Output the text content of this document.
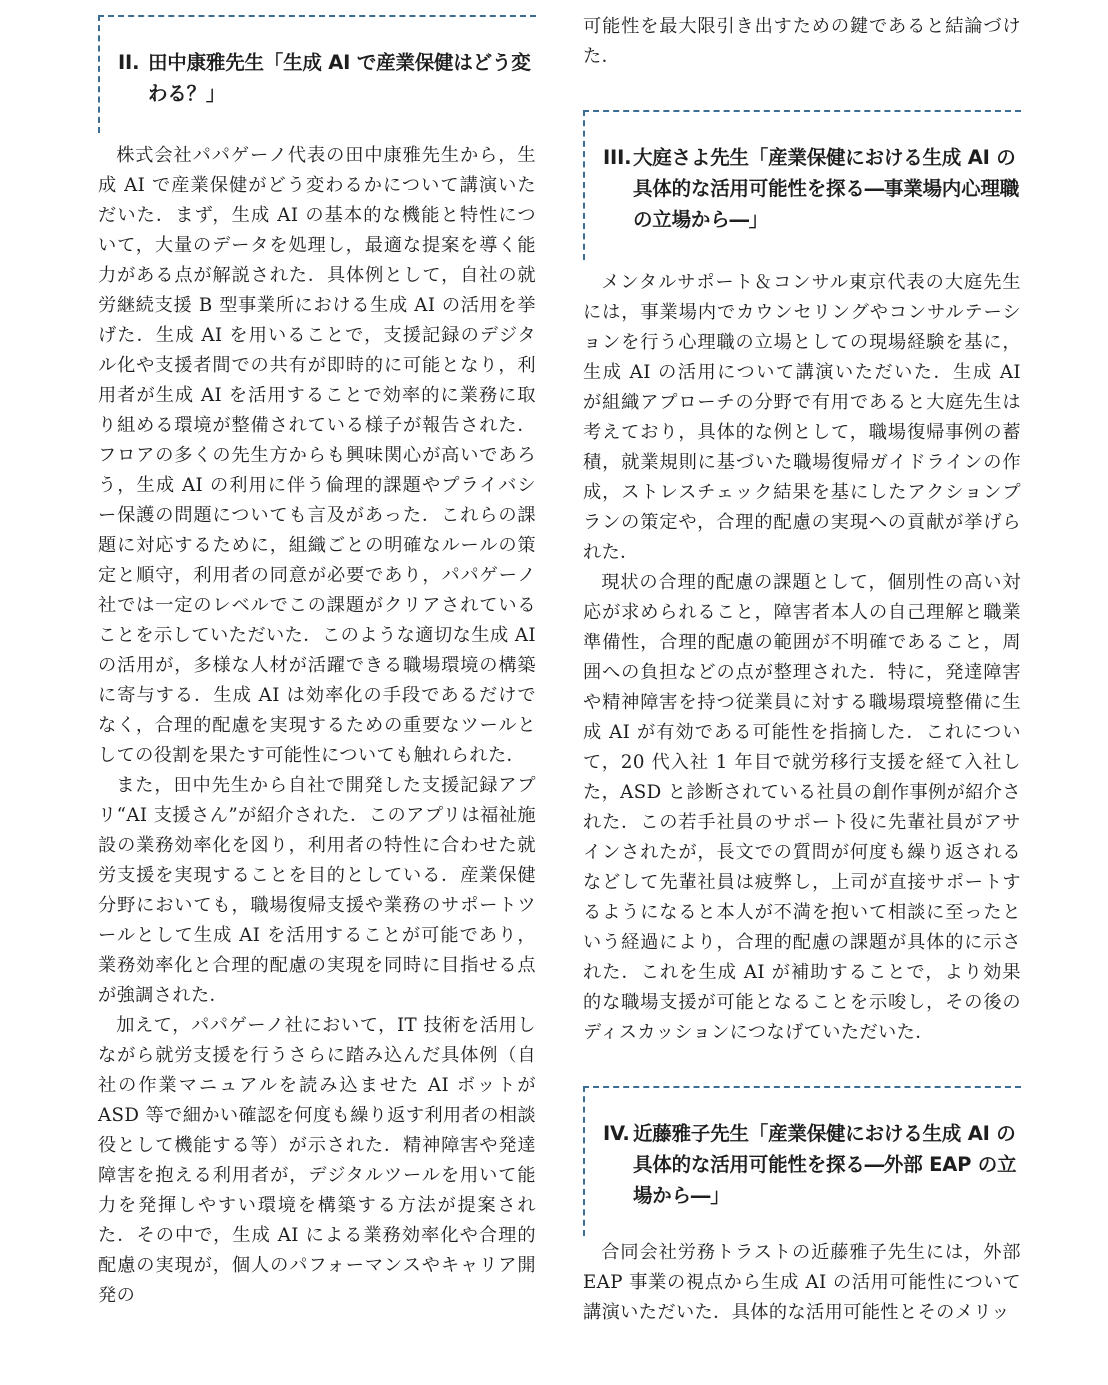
II. 田中康雅先生「生成 AI で産業保健はどう変わる？」

株式会社パパゲーノ代表の田中康雅先生から，生成 AI で産業保健がどう変わるかについて講演いただいた．まず，生成 AI の基本的な機能と特性について，大量のデータを処理し，最適な提案を導く能力がある点が解説された．具体例として，自社の就労継続支援 B 型事業所における生成 AI の活用を挙げた．生成 AI を用いることで，支援記録のデジタル化や支援者間での共有が即時的に可能となり，利用者が生成 AI を活用することで効率的に業務に取り組める環境が整備されている様子が報告された．フロアの多くの先生方からも興味関心が高いであろう，生成 AI の利用に伴う倫理的課題やプライバシー保護の問題についても言及があった．これらの課題に対応するために，組織ごとの明確なルールの策定と順守，利用者の同意が必要であり，パパゲーノ社では一定のレベルでこの課題がクリアされていることを示していただいた．このような適切な生成 AI の活用が，多様な人材が活躍できる職場環境の構築に寄与する．生成 AI は効率化の手段であるだけでなく，合理的配慮を実現するための重要なツールとしての役割を果たす可能性についても触れられた．

また，田中先生から自社で開発した支援記録アプリ“AI 支援さん”が紹介された．このアプリは福祉施設の業務効率化を図り，利用者の特性に合わせた就労支援を実現することを目的としている．産業保健分野においても，職場復帰支援や業務のサポートツールとして生成 AI を活用することが可能であり，業務効率化と合理的配慮の実現を同時に目指せる点が強調された．

加えて，パパゲーノ社において，IT 技術を活用しながら就労支援を行うさらに踏み込んだ具体例（自社の作業マニュアルを読み込ませた AI ボットが ASD 等で細かい確認を何度も繰り返す利用者の相談役として機能する等）が示された．精神障害や発達障害を抱える利用者が，デジタルツールを用いて能力を発揮しやすい環境を構築する方法が提案された．その中で，生成 AI による業務効率化や合理的配慮の実現が，個人のパフォーマンスやキャリア開発の

可能性を最大限引き出すための鍵であると結論づけた．

III.大庭さよ先生「産業保健における生成 AI の具体的な活用可能性を探る―事業場内心理職の立場から―」

メンタルサポート＆コンサル東京代表の大庭先生には，事業場内でカウンセリングやコンサルテーションを行う心理職の立場としての現場経験を基に，生成 AI の活用について講演いただいた．生成 AI が組織アプローチの分野で有用であると大庭先生は考えており，具体的な例として，職場復帰事例の蓄積，就業規則に基づいた職場復帰ガイドラインの作成，ストレスチェック結果を基にしたアクションプランの策定や，合理的配慮の実現への貢献が挙げられた．

現状の合理的配慮の課題として，個別性の高い対応が求められること，障害者本人の自己理解と職業準備性，合理的配慮の範囲が不明確であること，周囲への負担などの点が整理された．特に，発達障害や精神障害を持つ従業員に対する職場環境整備に生成 AI が有効である可能性を指摘した．これについて，20 代入社 1 年目で就労移行支援を経て入社した，ASD と診断されている社員の創作事例が紹介された．この若手社員のサポート役に先輩社員がアサインされたが，長文での質問が何度も繰り返されるなどして先輩社員は疲弊し，上司が直接サポートするようになると本人が不満を抱いて相談に至ったという経過により，合理的配慮の課題が具体的に示された．これを生成 AI が補助することで，より効果的な職場支援が可能となることを示唆し，その後のディスカッションにつなげていただいた．

IV. 近藤雅子先生「産業保健における生成 AI の具体的な活用可能性を探る―外部 EAP の立場から―」

合同会社労務トラストの近藤雅子先生には，外部 EAP 事業の視点から生成 AI の活用可能性について講演いただいた．具体的な活用可能性とそのメリッ
